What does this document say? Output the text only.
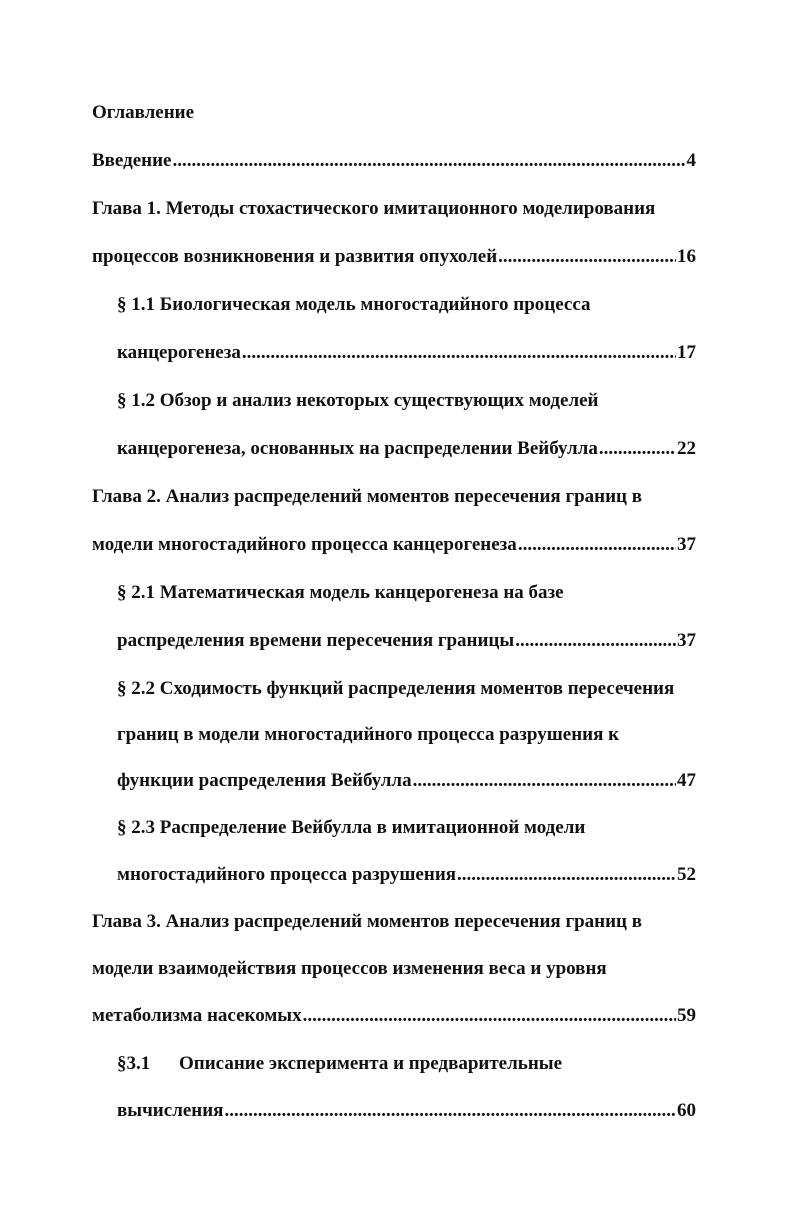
Оглавление
Введение .....	4
Глава 1. Методы стохастического имитационного моделирования
процессов возникновения и развития опухолей .....	16
§ 1.1 Биологическая модель многостадийного процесса
канцерогенеза .....	17
§ 1.2 Обзор и анализ некоторых существующих моделей
канцерогенеза, основанных на распределении Вейбулла .....	22
Глава 2. Анализ распределений моментов пересечения границ в
модели многостадийного процесса канцерогенеза .....	37
§ 2.1 Математическая модель канцерогенеза на базе
распределения времени пересечения границы .....	37
§ 2.2 Сходимость функций распределения моментов пересечения
границ в модели многостадийного процесса разрушения к
функции распределения Вейбулла .....	47
§ 2.3 Распределение Вейбулла в имитационной модели
многостадийного процесса разрушения .....	52
Глава 3. Анализ распределений моментов пересечения границ в
модели взаимодействия процессов изменения веса и уровня
метаболизма насекомых .....	59
§3.1	Описание эксперимента и предварительные
вычисления .....	60
